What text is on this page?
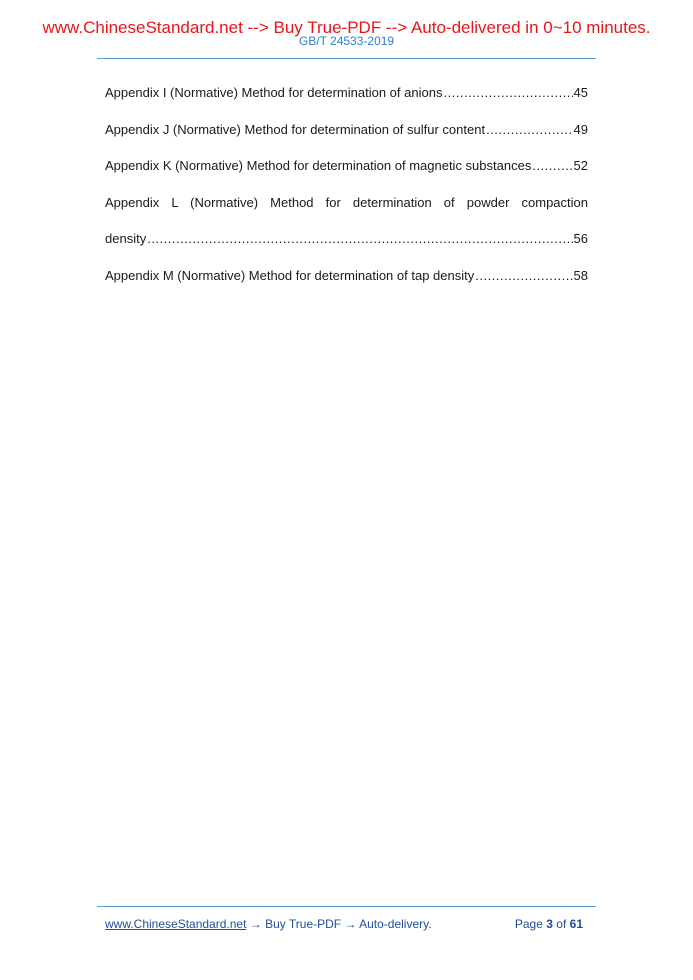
www.ChineseStandard.net --> Buy True-PDF --> Auto-delivered in 0~10 minutes.
GB/T 24533-2019
Appendix I (Normative) Method for determination of anions .....	45
Appendix J (Normative) Method for determination of sulfur content .....	49
Appendix K (Normative) Method for determination of magnetic substances .....	52
Appendix L (Normative) Method for determination of powder compaction
density .....	56
Appendix M (Normative) Method for determination of tap density .....	58
www.ChineseStandard.net → Buy True-PDF → Auto-delivery.	Page 3 of 61
